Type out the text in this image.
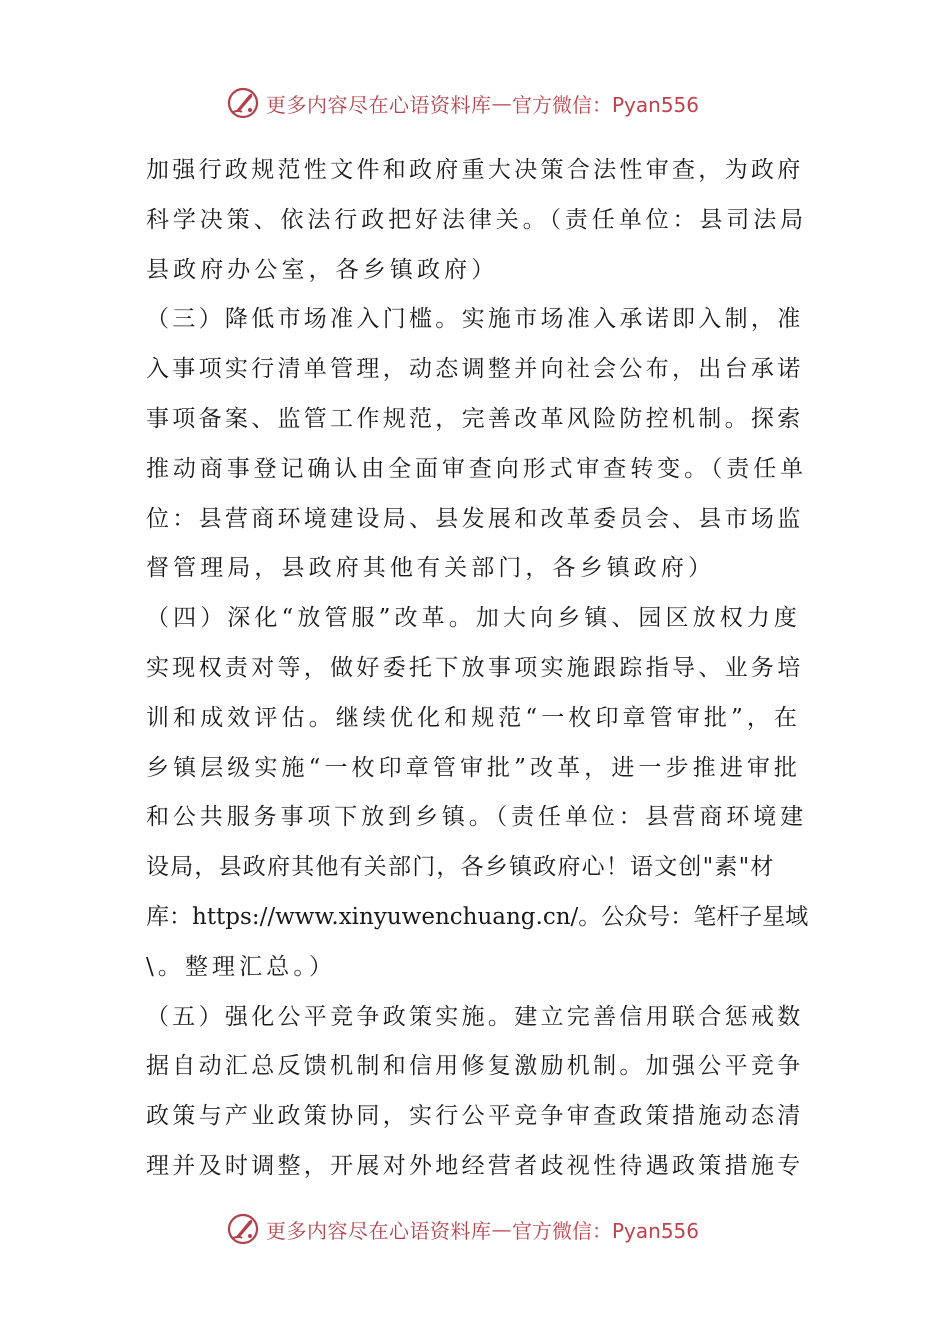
更多内容尽在心语资料库 — 官方微信：Pyan556
加强行政规范性文件和政府重大决策合法性审查，为政府
科学决策、依法行政把好法律关。（责任单位：县司法局
县政府办公室，各乡镇政府）
（三）降低市场准入门槛。实施市场准入承诺即入制，准
入事项实行清单管理，动态调整并向社会公布，出台承诺
事项备案、监管工作规范，完善改革风险防控机制。探索
推动商事登记确认由全面审查向形式审查转变。（责任单
位：县营商环境建设局、县发展和改革委员会、县市场监
督管理局，县政府其他有关部门，各乡镇政府）
（四）深化“放管服”改革。加大向乡镇、园区放权力度
实现权责对等，做好委托下放事项实施跟踪指导、业务培
训和成效评估。继续优化和规范“一枚印章管审批”，在
乡镇层级实施“一枚印章管审批”改革，进一步推进审批
和公共服务事项下放到乡镇。（责任单位：县营商环境建
设局，县政府其他有关部门，各乡镇政府心！语文创"素"材
库：https://www.xinyuwenchuang.cn/。公众号：笔杆子星域
\。整理汇总。）
（五）强化公平竞争政策实施。建立完善信用联合惩戒数
据自动汇总反馈机制和信用修复激励机制。加强公平竞争
政策与产业政策协同，实行公平竞争审查政策措施动态清
理并及时调整，开展对外地经营者歧视性待遇政策措施专
更多内容尽在心语资料库 — 官方微信：Pyan556
